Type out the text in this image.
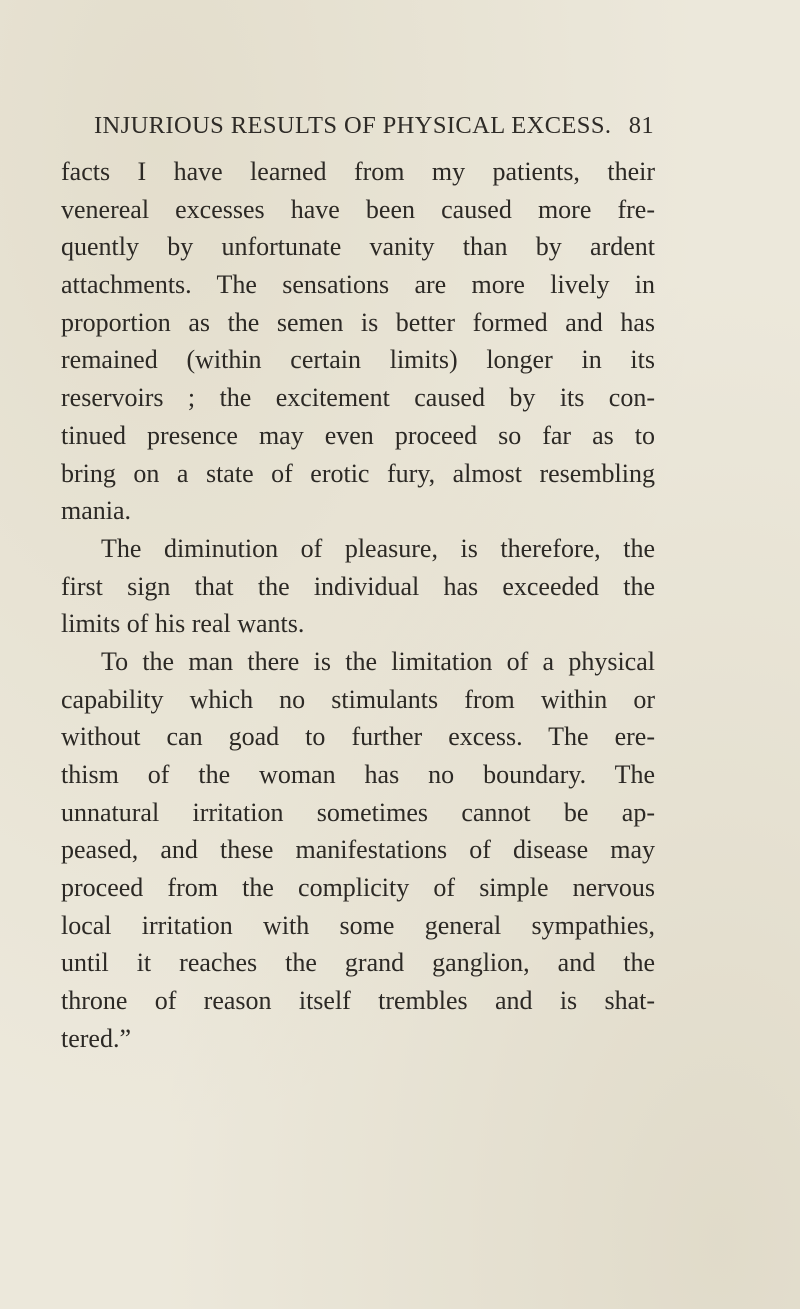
INJURIOUS RESULTS OF PHYSICAL EXCESS. 81
facts I have learned from my patients, their
venereal excesses have been caused more fre-
quently by unfortunate vanity than by ardent
attachments. The sensations are more lively in
proportion as the semen is better formed and has
remained (within certain limits) longer in its
reservoirs ; the excitement caused by its con-
tinued presence may even proceed so far as to
bring on a state of erotic fury, almost resembling
mania.
The diminution of pleasure, is therefore, the
first sign that the individual has exceeded the
limits of his real wants.
To the man there is the limitation of a physical
capability which no stimulants from within or
without can goad to further excess. The ere-
thism of the woman has no boundary. The
unnatural irritation sometimes cannot be ap-
peased, and these manifestations of disease may
proceed from the complicity of simple nervous
local irritation with some general sympathies,
until it reaches the grand ganglion, and the
throne of reason itself trembles and is shat-
tered.”
